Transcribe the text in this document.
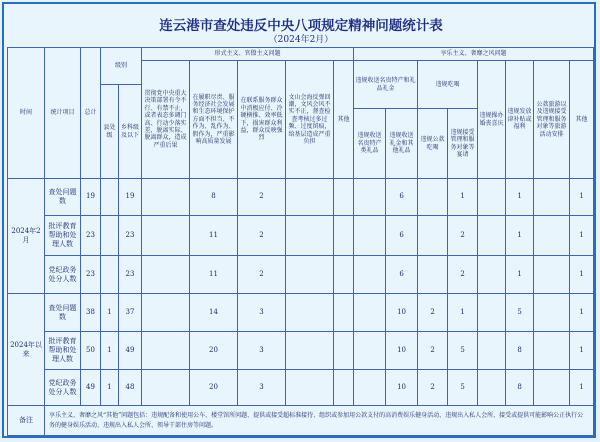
连云港市查处违反中央八项规定精神问题统计表
（2024年2月）
时间	统计项目	总计	级别		形式主义、官僚主义问题					享乐主义、奢靡之风问题							
					贯彻党中央重大决策部署有令不行、有禁不止，或者表态多调门高、行动少落实差，脱离实际、脱离群众，造成严重后果	在履职尽责、服务经济社会发展和生态环境保护方面不担当、不作为、乱作为、假作为，严重影响高质量发展	在联系服务群众中消极应付、冷硬横推、效率低下，损害群众利益，群众反映强烈	文山会海反弹回潮，文风会风不实不正，督查检查考核过多过频、过度留痕，给基层造成严重负担	其他	违规收送名贵特产和礼品礼金		违规吃喝		违规操办婚丧喜庆	违规发放津补贴或福利	公款旅游以及违规接受管理和服务对象等旅游活动安排	其他
			县处级	乡科级及以下													
										违规收送名贵特产类礼品	违规收送礼金和其他礼品	违规公款吃喝	违规接受管理和服务对象等宴请				
2024年2月	查处问题数	19		19		8	2				6		1		1		1
	批评教育帮助和处理人数	23		23		11	2				6		2		1		1
	党纪政务处分人数	23		23		11	2				6		2		1		1
2024年以来	查处问题数	38	1	37		14	3				10	2	1		5		1
	批评教育帮助和处理人数	50	1	49		20	3				10	2	5		8		1
	党纪政务处分人数	49	1	48		20	3				10	2	5		8		1
备注	享乐主义、奢靡之风“其他”问题包括：违规配备和使用公车、楼堂馆所问题、提供或接受超标准接待、组织或参加用公款支付的高消费娱乐健身活动、违规出入私人会所、接受或提供可能影响公正执行公务的健身娱乐活动、违规出入私人会所、领导干部住房等问题。																
